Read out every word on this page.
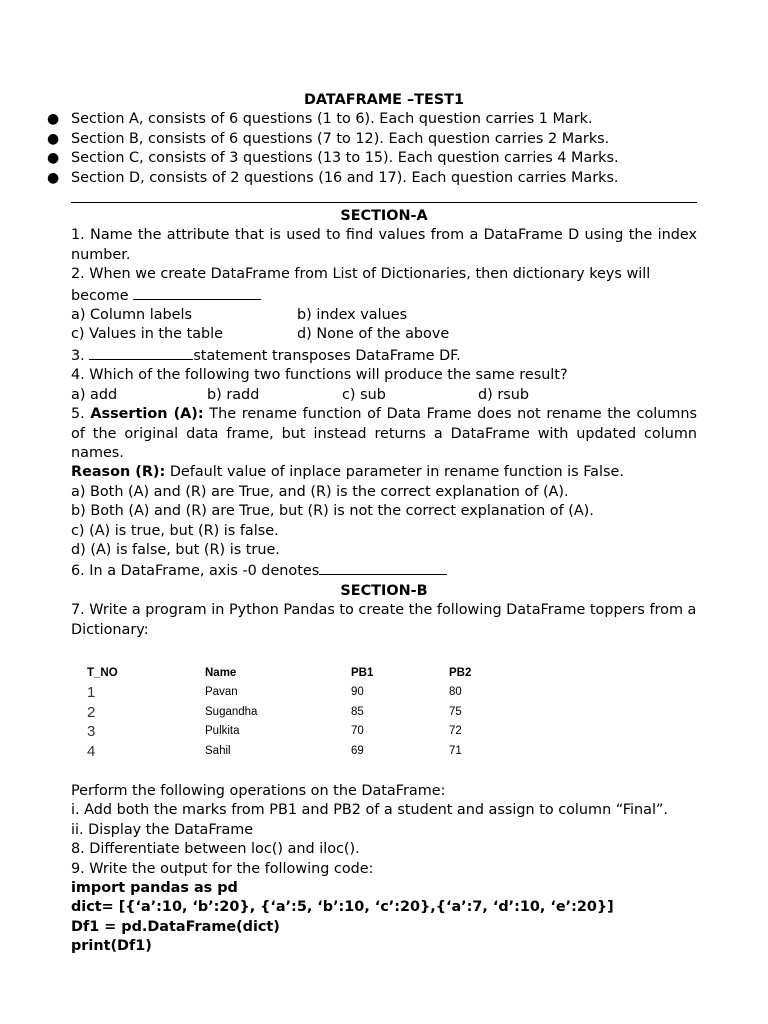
DATAFRAME –TEST1
● Section A, consists of 6 questions (1 to 6). Each question carries 1 Mark.
● Section B, consists of 6 questions (7 to 12). Each question carries 2 Marks.
● Section C, consists of 3 questions (13 to 15). Each question carries 4 Marks.
● Section D, consists of 2 questions (16 and 17). Each question carries Marks.
SECTION-A
1. Name the attribute that is used to find values from a DataFrame D using the index number.
2. When we create DataFrame from List of Dictionaries, then dictionary keys will become
a) Column labels	b) index values
c) Values in the table	d) None of the above
3.	statement transposes DataFrame DF.
4. Which of the following two functions will produce the same result?
a) add	b) radd	c) sub	d) rsub
5. Assertion (A): The rename function of Data Frame does not rename the columns of the original data frame, but instead returns a DataFrame with updated column names.
Reason (R): Default value of inplace parameter in rename function is False.
a) Both (A) and (R) are True, and (R) is the correct explanation of (A).
b) Both (A) and (R) are True, but (R) is not the correct explanation of (A).
c) (A) is true, but (R) is false.
d) (A) is false, but (R) is true.
6. In a DataFrame, axis -0 denotes
SECTION-B
7. Write a program in Python Pandas to create the following DataFrame toppers from a Dictionary:
T_NO	Name	PB1	PB2
1	Pavan	90	80
2	Sugandha	85	75
3	Pulkita	70	72
4	Sahil	69	71
Perform the following operations on the DataFrame:
i. Add both the marks from PB1 and PB2 of a student and assign to column “Final”.
ii. Display the DataFrame
8. Differentiate between loc() and iloc().
9. Write the output for the following code:
import pandas as pd
dict= [{‘a’:10, ‘b’:20}, {‘a’:5, ‘b’:10, ‘c’:20},{‘a’:7, ‘d’:10, ‘e’:20}]
Df1 = pd.DataFrame(dict)
print(Df1)
